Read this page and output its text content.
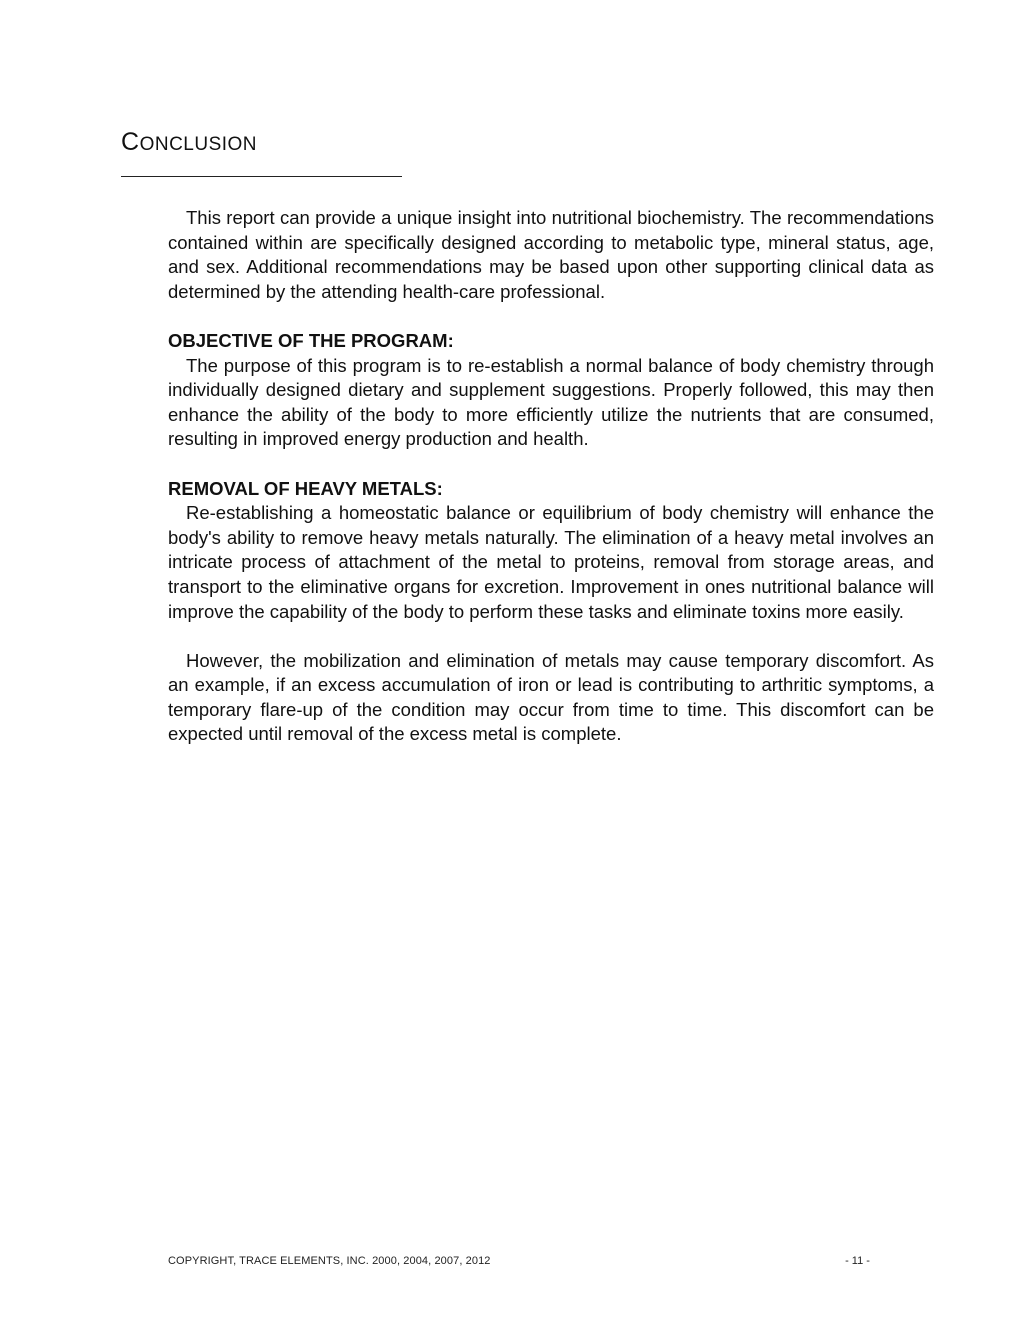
CONCLUSION

This report can provide a unique insight into nutritional biochemistry. The recommendations contained within are specifically designed according to metabolic type, mineral status, age, and sex. Additional recommendations may be based upon other supporting clinical data as determined by the attending health-care professional.

OBJECTIVE OF THE PROGRAM:

The purpose of this program is to re-establish a normal balance of body chemistry through individually designed dietary and supplement suggestions. Properly followed, this may then enhance the ability of the body to more efficiently utilize the nutrients that are consumed, resulting in improved energy production and health.

REMOVAL OF HEAVY METALS:

Re-establishing a homeostatic balance or equilibrium of body chemistry will enhance the body's ability to remove heavy metals naturally. The elimination of a heavy metal involves an intricate process of attachment of the metal to proteins, removal from storage areas, and transport to the eliminative organs for excretion. Improvement in ones nutritional balance will improve the capability of the body to perform these tasks and eliminate toxins more easily.

However, the mobilization and elimination of metals may cause temporary discomfort. As an example, if an excess accumulation of iron or lead is contributing to arthritic symptoms, a temporary flare-up of the condition may occur from time to time. This discomfort can be expected until removal of the excess metal is complete.

COPYRIGHT, TRACE ELEMENTS, INC. 2000, 2004, 2007, 2012	- 11 -
